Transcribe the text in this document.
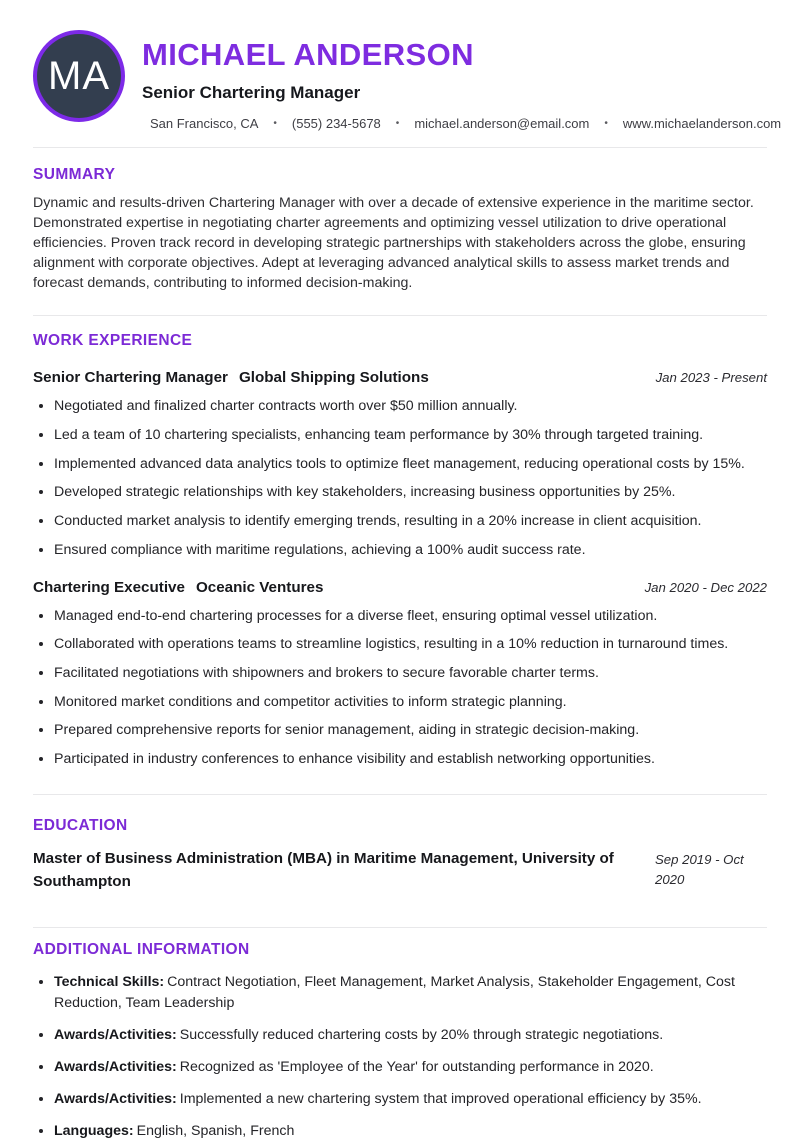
MA MICHAEL ANDERSON
Senior Chartering Manager
San Francisco, CA • (555) 234-5678 • michael.anderson@email.com • www.michaelanderson.com
SUMMARY

Dynamic and results-driven Chartering Manager with over a decade of extensive experience in the maritime sector. Demonstrated expertise in negotiating charter agreements and optimizing vessel utilization to drive operational efficiencies. Proven track record in developing strategic partnerships with stakeholders across the globe, ensuring alignment with corporate objectives. Adept at leveraging advanced analytical skills to assess market trends and forecast demands, contributing to informed decision-making.

WORK EXPERIENCE
Senior Chartering Manager Global Shipping Solutions	Jan 2023 - Present
• Negotiated and finalized charter contracts worth over $50 million annually.
• Led a team of 10 chartering specialists, enhancing team performance by 30% through targeted training.
• Implemented advanced data analytics tools to optimize fleet management, reducing operational costs by 15%.
• Developed strategic relationships with key stakeholders, increasing business opportunities by 25%.
• Conducted market analysis to identify emerging trends, resulting in a 20% increase in client acquisition.
• Ensured compliance with maritime regulations, achieving a 100% audit success rate.
Chartering Executive Oceanic Ventures	Jan 2020 - Dec 2022
• Managed end-to-end chartering processes for a diverse fleet, ensuring optimal vessel utilization.
• Collaborated with operations teams to streamline logistics, resulting in a 10% reduction in turnaround times.
• Facilitated negotiations with shipowners and brokers to secure favorable charter terms.
• Monitored market conditions and competitor activities to inform strategic planning.
• Prepared comprehensive reports for senior management, aiding in strategic decision-making.
• Participated in industry conferences to enhance visibility and establish networking opportunities.
EDUCATION
Master of Business Administration (MBA) in Maritime Management, University of Southampton
Sep 2019 - Oct 2020
ADDITIONAL INFORMATION
• Technical Skills: Contract Negotiation, Fleet Management, Market Analysis, Stakeholder Engagement, Cost Reduction, Team Leadership
• Awards/Activities: Successfully reduced chartering costs by 20% through strategic negotiations.
• Awards/Activities: Recognized as 'Employee of the Year' for outstanding performance in 2020.
• Awards/Activities: Implemented a new chartering system that improved operational efficiency by 35%.
• Languages: English, Spanish, French
